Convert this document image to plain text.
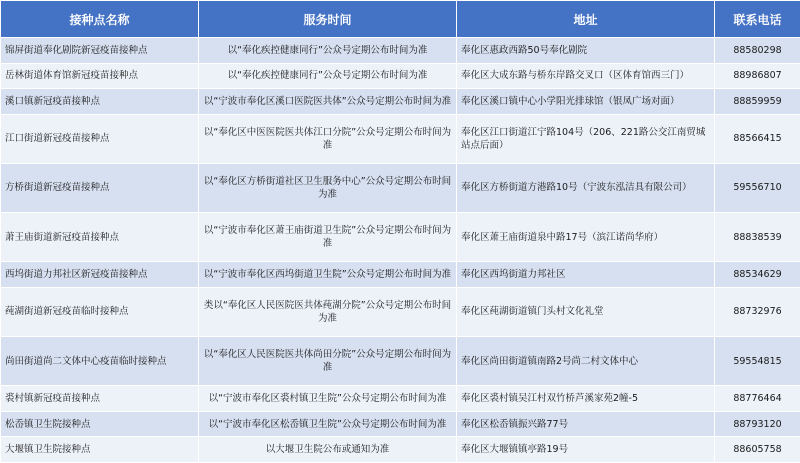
接种点名称	服务时间	地址	联系电话
锦屏街道奉化剧院新冠疫苗接种点	以“奉化疾控健康同行”公众号定期公布时间为准	奉化区惠政西路50号奉化剧院	88580298
岳林街道体育馆新冠疫苗接种点	以“奉化疾控健康同行”公众号定期公布时间为准	奉化区大成东路与桥东岸路交叉口（区体育馆西三门）	88986807
溪口镇新冠疫苗接种点	以“宁波市奉化区溪口医院医共体”公众号定期公布时间为准	奉化区溪口镇中心小学阳光排球馆（银凤广场对面）	88859959
江口街道新冠疫苗接种点	以“奉化区中医医院医共体江口分院”公众号定期公布时间为准	奉化区江口街道江宁路104号（206、221路公交江南贸城站点后面）	88566415
方桥街道新冠疫苗接种点	以“奉化区方桥街道社区卫生服务中心”公众号定期公布时间为准	奉化区方桥街道方港路10号（宁波东泓洁具有限公司）	59556710
萧王庙街道新冠疫苗接种点	以“宁波市奉化区萧王庙街道卫生院”公众号定期公布时间为准	奉化区萧王庙街道泉中路17号（滨江诺尚华府）	88838539
西坞街道力邦社区新冠疫苗接种点	以“宁波市奉化区西坞街道卫生院”公众号定期公布时间为准	奉化区西坞街道力邦社区	88534629
莼湖街道新冠疫苗临时接种点	类以“奉化区人民医院医共体莼湖分院”公众号定期公布时间为准	奉化区莼湖街道镇门头村文化礼堂	88732976
尚田街道尚二文体中心疫苗临时接种点	以“奉化区人民医院医共体尚田分院”公众号定期公布时间为准	奉化区尚田街道镇南路2号尚二村文体中心	59554815
裘村镇新冠疫苗接种点	以“宁波市奉化区裘村镇卫生院”公众号定期公布时间为准	奉化区裘村镇吴江村双竹桥芦溪家苑2幢-5	88776464
松岙镇卫生院接种点	以“宁波市奉化区松岙镇卫生院”公众号定期公布时间为准	奉化区松岙镇振兴路77号	88793120
大堰镇卫生院接种点	以大堰卫生院公布或通知为准	奉化区大堰镇镇亭路19号	88605758
